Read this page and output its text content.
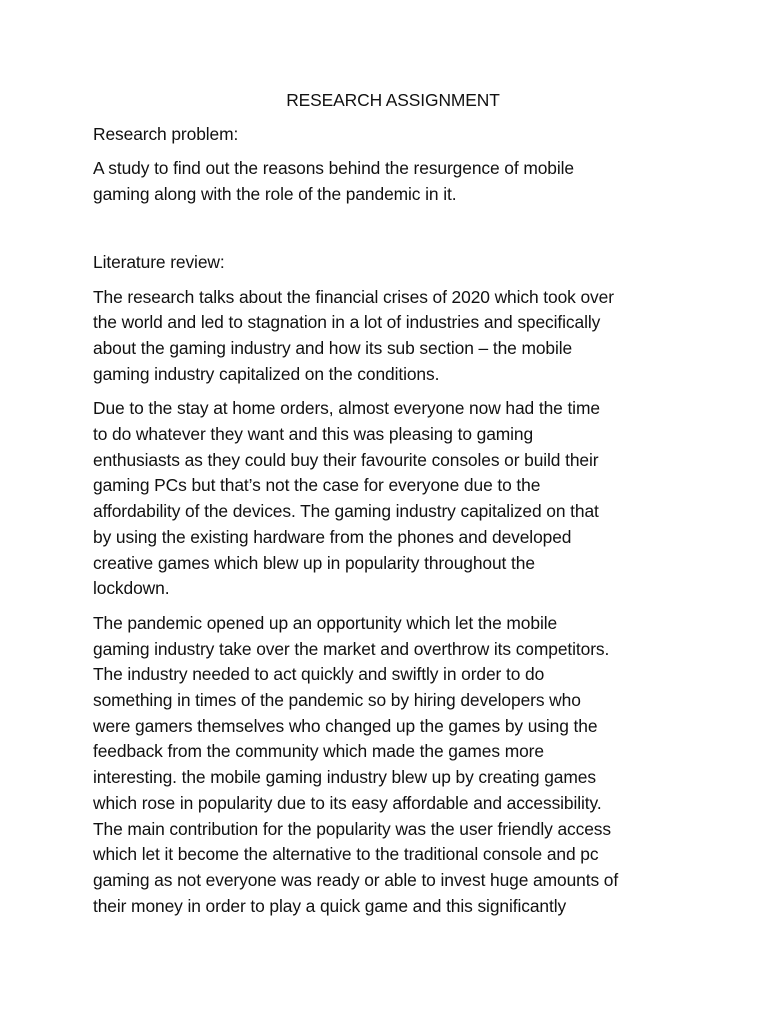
RESEARCH ASSIGNMENT
Research problem:
A study to find out the reasons behind the resurgence of mobile
gaming along with the role of the pandemic in it.
Literature review:
The research talks about the financial crises of 2020 which took over
the world and led to stagnation in a lot of industries and specifically
about the gaming industry and how its sub section – the mobile
gaming industry capitalized on the conditions.
Due to the stay at home orders, almost everyone now had the time
to do whatever they want and this was pleasing to gaming
enthusiasts as they could buy their favourite consoles or build their
gaming PCs but that’s not the case for everyone due to the
affordability of the devices. The gaming industry capitalized on that
by using the existing hardware from the phones and developed
creative games which blew up in popularity throughout the
lockdown.
The pandemic opened up an opportunity which let the mobile
gaming industry take over the market and overthrow its competitors.
The industry needed to act quickly and swiftly in order to do
something in times of the pandemic so by hiring developers who
were gamers themselves who changed up the games by using the
feedback from the community which made the games more
interesting. the mobile gaming industry blew up by creating games
which rose in popularity due to its easy affordable and accessibility.
The main contribution for the popularity was the user friendly access
which let it become the alternative to the traditional console and pc
gaming as not everyone was ready or able to invest huge amounts of
their money in order to play a quick game and this significantly
